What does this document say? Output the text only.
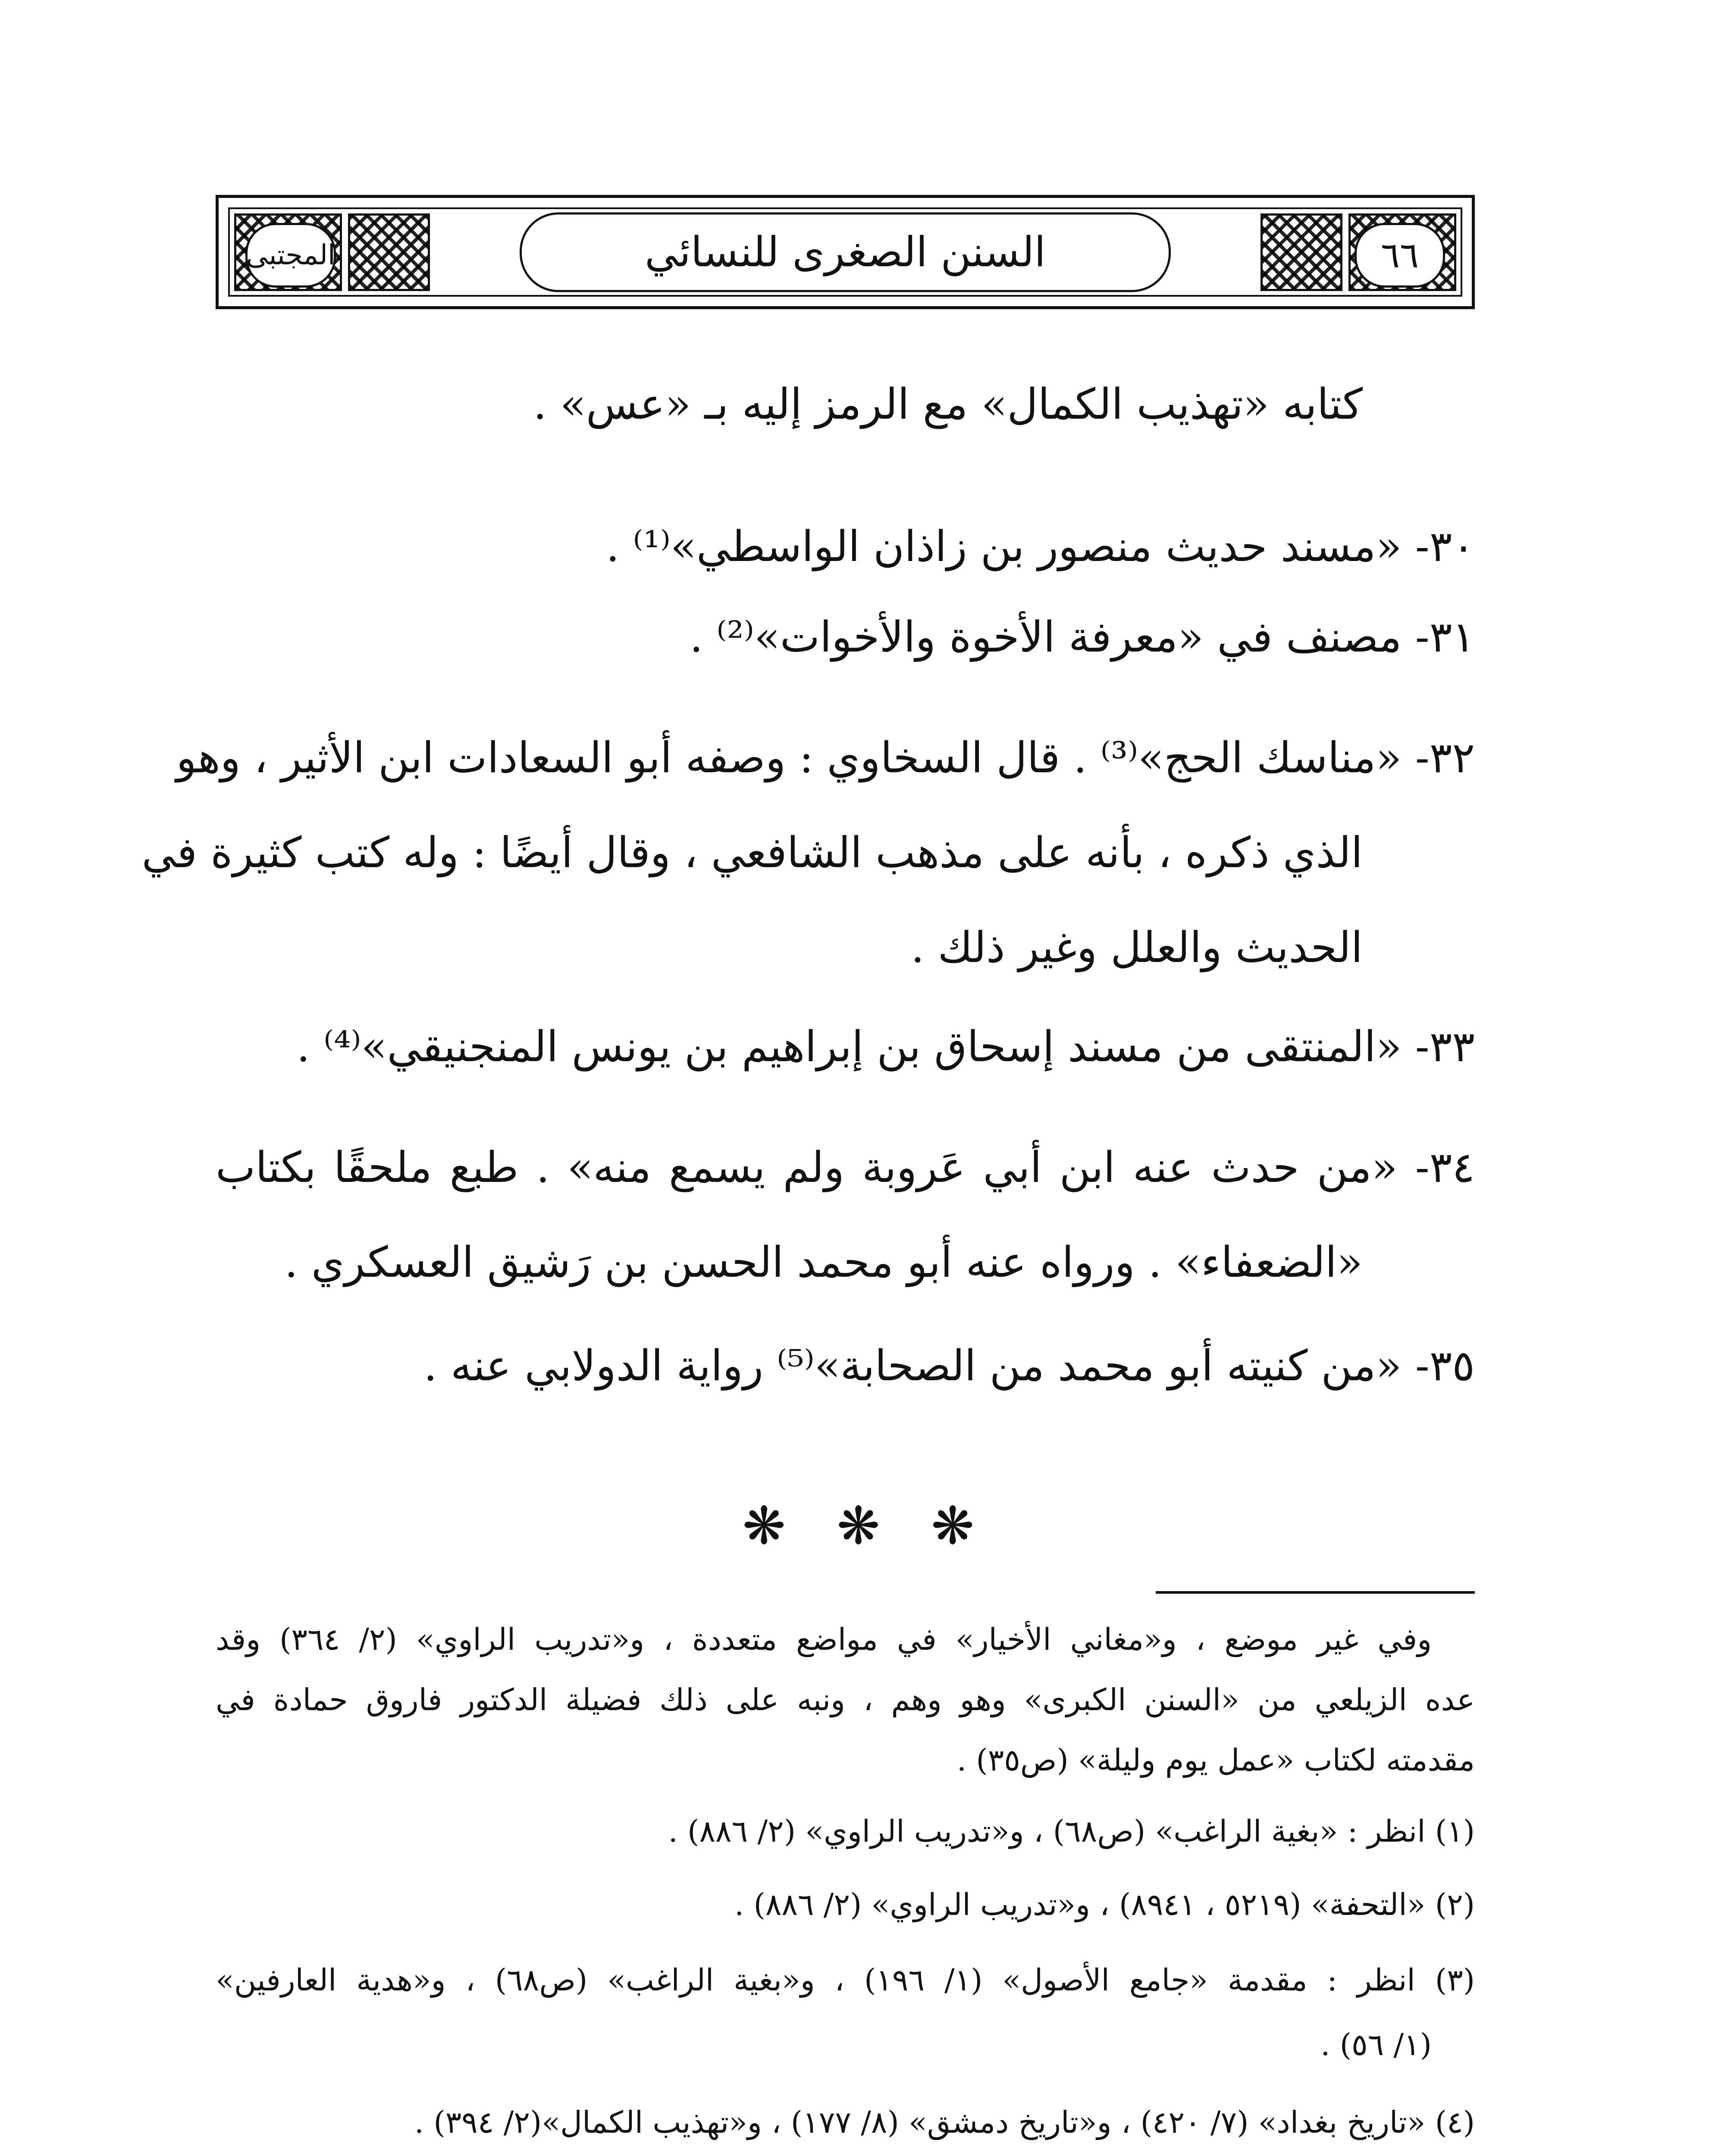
٦٦
المجتبى	السنن الصغرى للنسائي
كتابه «تهذيب الكمال» مع الرمز إليه بـ «عس» .
٣٠- «مسند حديث منصور بن زاذان الواسطي»⁽¹⁾ .
٣١- مصنف في «معرفة الأخوة والأخوات»⁽²⁾ .
٣٢- «مناسك الحج»⁽³⁾ . قال السخاوي : وصفه أبو السعادات ابن الأثير ، وهو
الذي ذكره ، بأنه على مذهب الشافعي ، وقال أيضًا : وله كتب كثيرة في
الحديث والعلل وغير ذلك .
٣٣- «المنتقى من مسند إسحاق بن إبراهيم بن يونس المنجنيقي»⁽⁴⁾ .
٣٤- «من حدث عنه ابن أبي عَروبة ولم يسمع منه» . طبع ملحقًا بكتاب
«الضعفاء» . ورواه عنه أبو محمد الحسن بن رَشيق العسكري .
٣٥- «من كنيته أبو محمد من الصحابة»⁽⁵⁾ رواية الدولابي عنه .
❋ ❋ ❋
وفي غير موضع ، و«مغاني الأخيار» في مواضع متعددة ، و«تدريب الراوي» (٢/ ٣٦٤) وقد
عده الزيلعي من «السنن الكبرى» وهو وهم ، ونبه على ذلك فضيلة الدكتور فاروق حمادة في
مقدمته لكتاب «عمل يوم وليلة» (ص٣٥) .
(١) انظر : «بغية الراغب» (ص٦٨) ، و«تدريب الراوي» (٢/ ٨٨٦) .
(٢) «التحفة» (٥٢١٩ ، ٨٩٤١) ، و«تدريب الراوي» (٢/ ٨٨٦) .
(٣) انظر : مقدمة «جامع الأصول» (١/ ١٩٦) ، و«بغية الراغب» (ص٦٨) ، و«هدية العارفين»
(١/ ٥٦) .
(٤) «تاريخ بغداد» (٧/ ٤٢٠) ، و«تاريخ دمشق» (٨/ ١٧٧) ، و«تهذيب الكمال»(٢/ ٣٩٤) .
